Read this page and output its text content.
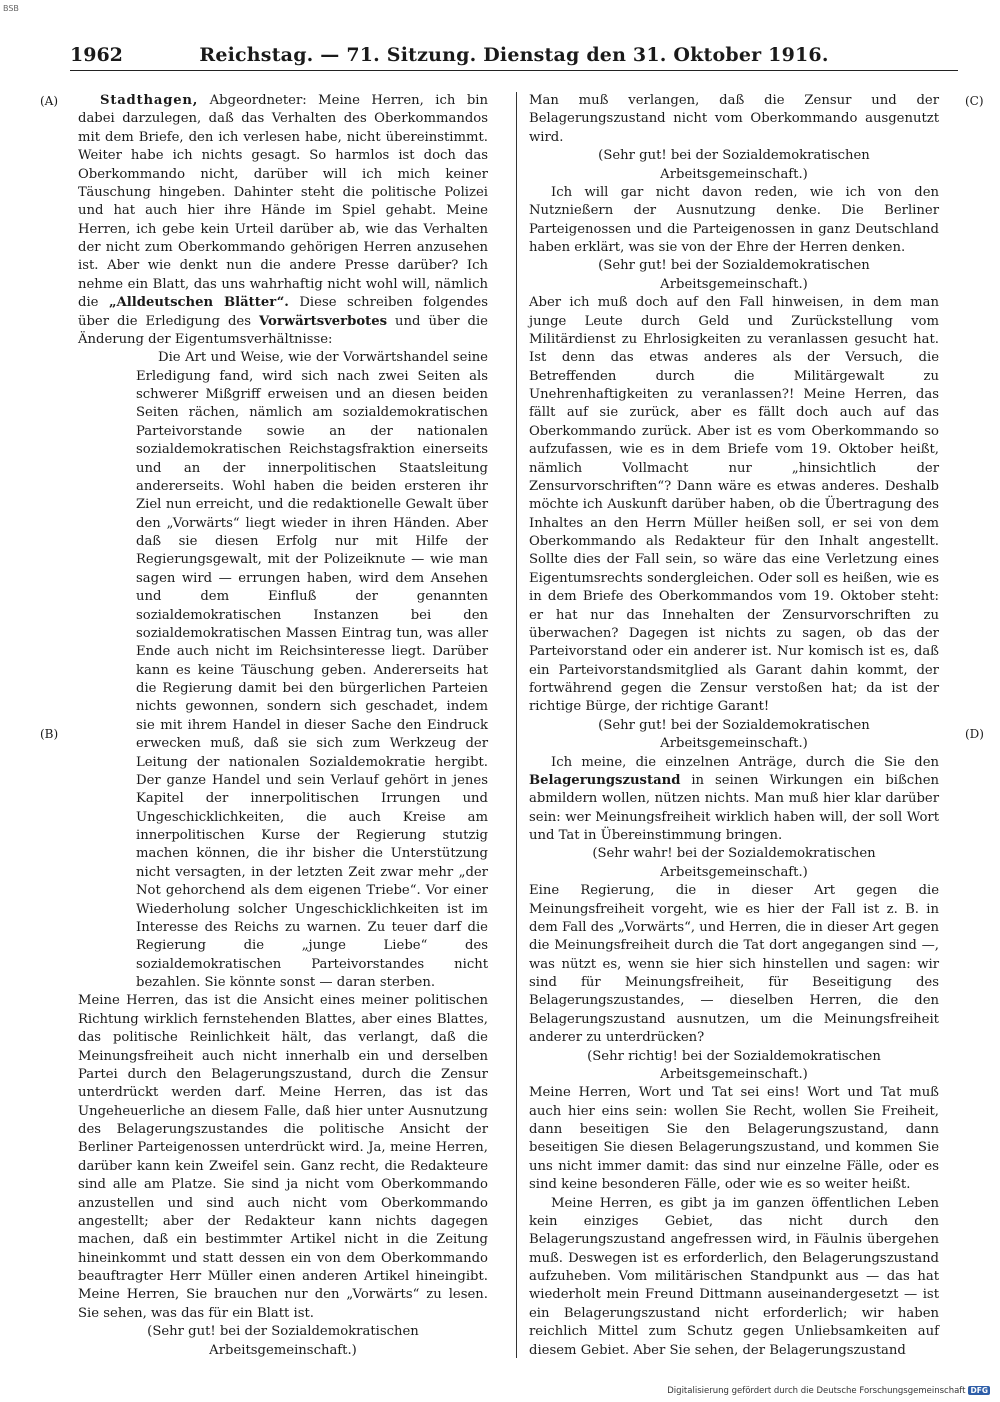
BSB
1962	Reichstag. — 71. Sitzung. Dienstag den 31. Oktober 1916.
(A)
(B)
(C)
(D)

Stadthagen, Abgeordneter: Meine Herren, ich bin dabei darzulegen, daß das Verhalten des Oberkommandos mit dem Briefe, den ich verlesen habe, nicht übereinstimmt. Weiter habe ich nichts gesagt. So harmlos ist doch das Oberkommando nicht, darüber will ich mich keiner Täuschung hingeben. Dahinter steht die politische Polizei und hat auch hier ihre Hände im Spiel gehabt. Meine Herren, ich gebe kein Urteil darüber ab, wie das Verhalten der nicht zum Oberkommando gehörigen Herren anzusehen ist. Aber wie denkt nun die andere Presse darüber? Ich nehme ein Blatt, das uns wahrhaftig nicht wohl will, nämlich die „Alldeutschen Blätter“. Diese schreiben folgendes über die Erledigung des Vorwärtsverbotes und über die Änderung der Eigentumsverhältnisse:

Die Art und Weise, wie der Vorwärtshandel seine Erledigung fand, wird sich nach zwei Seiten als schwerer Mißgriff erweisen und an diesen beiden Seiten rächen, nämlich am sozialdemokratischen Parteivorstande sowie an der nationalen sozialdemokratischen Reichstagsfraktion einerseits und an der innerpolitischen Staatsleitung andererseits. Wohl haben die beiden ersteren ihr Ziel nun erreicht, und die redaktionelle Gewalt über den „Vorwärts“ liegt wieder in ihren Händen. Aber daß sie diesen Erfolg nur mit Hilfe der Regierungsgewalt, mit der Polizeiknute — wie man sagen wird — errungen haben, wird dem Ansehen und dem Einfluß der genannten sozialdemokratischen Instanzen bei den sozialdemokratischen Massen Eintrag tun, was aller Ende auch nicht im Reichsinteresse liegt. Darüber kann es keine Täuschung geben. Andererseits hat die Regierung damit bei den bürgerlichen Parteien nichts gewonnen, sondern sich geschadet, indem sie mit ihrem Handel in dieser Sache den Eindruck erwecken muß, daß sie sich zum Werkzeug der Leitung der nationalen Sozialdemokratie hergibt. Der ganze Handel und sein Verlauf gehört in jenes Kapitel der innerpolitischen Irrungen und Ungeschicklichkeiten, die auch Kreise am innerpolitischen Kurse der Regierung stutzig machen können, die ihr bisher die Unterstützung nicht versagten, in der letzten Zeit zwar mehr „der Not gehorchend als dem eigenen Triebe“. Vor einer Wiederholung solcher Ungeschicklichkeiten ist im Interesse des Reichs zu warnen. Zu teuer darf die Regierung die „junge Liebe“ des sozialdemokratischen Parteivorstandes nicht bezahlen. Sie könnte sonst — daran sterben.

Meine Herren, das ist die Ansicht eines meiner politischen Richtung wirklich fernstehenden Blattes, aber eines Blattes, das politische Reinlichkeit hält, das verlangt, daß die Meinungsfreiheit auch nicht innerhalb ein und derselben Partei durch den Belagerungszustand, durch die Zensur unterdrückt werden darf. Meine Herren, das ist das Ungeheuerliche an diesem Falle, daß hier unter Ausnutzung des Belagerungszustandes die politische Ansicht der Berliner Parteigenossen unterdrückt wird. Ja, meine Herren, darüber kann kein Zweifel sein. Ganz recht, die Redakteure sind alle am Platze. Sie sind ja nicht vom Oberkommando anzustellen und sind auch nicht vom Oberkommando angestellt; aber der Redakteur kann nichts dagegen machen, daß ein bestimmter Artikel nicht in die Zeitung hineinkommt und statt dessen ein von dem Oberkommando beauftragter Herr Müller einen anderen Artikel hineingibt. Meine Herren, Sie brauchen nur den „Vorwärts“ zu lesen. Sie sehen, was das für ein Blatt ist.

(Sehr gut! bei der Sozialdemokratischen Arbeitsgemeinschaft.)

Man muß verlangen, daß die Zensur und der Belagerungszustand nicht vom Oberkommando ausgenutzt wird.

(Sehr gut! bei der Sozialdemokratischen Arbeitsgemeinschaft.)

Ich will gar nicht davon reden, wie ich von den Nutznießern der Ausnutzung denke. Die Berliner Parteigenossen und die Parteigenossen in ganz Deutschland haben erklärt, was sie von der Ehre der Herren denken.

(Sehr gut! bei der Sozialdemokratischen Arbeitsgemeinschaft.)

Aber ich muß doch auf den Fall hinweisen, in dem man junge Leute durch Geld und Zurückstellung vom Militärdienst zu Ehrlosigkeiten zu veranlassen gesucht hat. Ist denn das etwas anderes als der Versuch, die Betreffenden durch die Militärgewalt zu Unehrenhaftigkeiten zu veranlassen?! Meine Herren, das fällt auf sie zurück, aber es fällt doch auch auf das Oberkommando zurück. Aber ist es vom Oberkommando so aufzufassen, wie es in dem Briefe vom 19. Oktober heißt, nämlich Vollmacht nur „hinsichtlich der Zensurvorschriften“? Dann wäre es etwas anderes. Deshalb möchte ich Auskunft darüber haben, ob die Übertragung des Inhaltes an den Herrn Müller heißen soll, er sei von dem Oberkommando als Redakteur für den Inhalt angestellt. Sollte dies der Fall sein, so wäre das eine Verletzung eines Eigentumsrechts sondergleichen. Oder soll es heißen, wie es in dem Briefe des Oberkommandos vom 19. Oktober steht: er hat nur das Innehalten der Zensurvorschriften zu überwachen? Dagegen ist nichts zu sagen, ob das der Parteivorstand oder ein anderer ist. Nur komisch ist es, daß ein Parteivorstandsmitglied als Garant dahin kommt, der fortwährend gegen die Zensur verstoßen hat; da ist der richtige Bürge, der richtige Garant!

(Sehr gut! bei der Sozialdemokratischen Arbeitsgemeinschaft.)

Ich meine, die einzelnen Anträge, durch die Sie den Belagerungszustand in seinen Wirkungen ein bißchen abmildern wollen, nützen nichts. Man muß hier klar darüber sein: wer Meinungsfreiheit wirklich haben will, der soll Wort und Tat in Übereinstimmung bringen.

(Sehr wahr! bei der Sozialdemokratischen Arbeitsgemeinschaft.)

Eine Regierung, die in dieser Art gegen die Meinungsfreiheit vorgeht, wie es hier der Fall ist z. B. in dem Fall des „Vorwärts“, und Herren, die in dieser Art gegen die Meinungsfreiheit durch die Tat dort angegangen sind —, was nützt es, wenn sie hier sich hinstellen und sagen: wir sind für Meinungsfreiheit, für Beseitigung des Belagerungszustandes, — dieselben Herren, die den Belagerungszustand ausnutzen, um die Meinungsfreiheit anderer zu unterdrücken?

(Sehr richtig! bei der Sozialdemokratischen Arbeitsgemeinschaft.)

Meine Herren, Wort und Tat sei eins! Wort und Tat muß auch hier eins sein: wollen Sie Recht, wollen Sie Freiheit, dann beseitigen Sie den Belagerungszustand, dann beseitigen Sie diesen Belagerungszustand, und kommen Sie uns nicht immer damit: das sind nur einzelne Fälle, oder es sind keine besonderen Fälle, oder wie es so weiter heißt.

Meine Herren, es gibt ja im ganzen öffentlichen Leben kein einziges Gebiet, das nicht durch den Belagerungszustand angefressen wird, in Fäulnis übergehen muß. Deswegen ist es erforderlich, den Belagerungszustand aufzuheben. Vom militärischen Standpunkt aus — das hat wiederholt mein Freund Dittmann auseinandergesetzt — ist ein Belagerungszustand nicht erforderlich; wir haben reichlich Mittel zum Schutz gegen Unliebsamkeiten auf diesem Gebiet. Aber Sie sehen, der Belagerungszustand

Digitalisierung gefördert durch die Deutsche Forschungsgemeinschaft DFG
